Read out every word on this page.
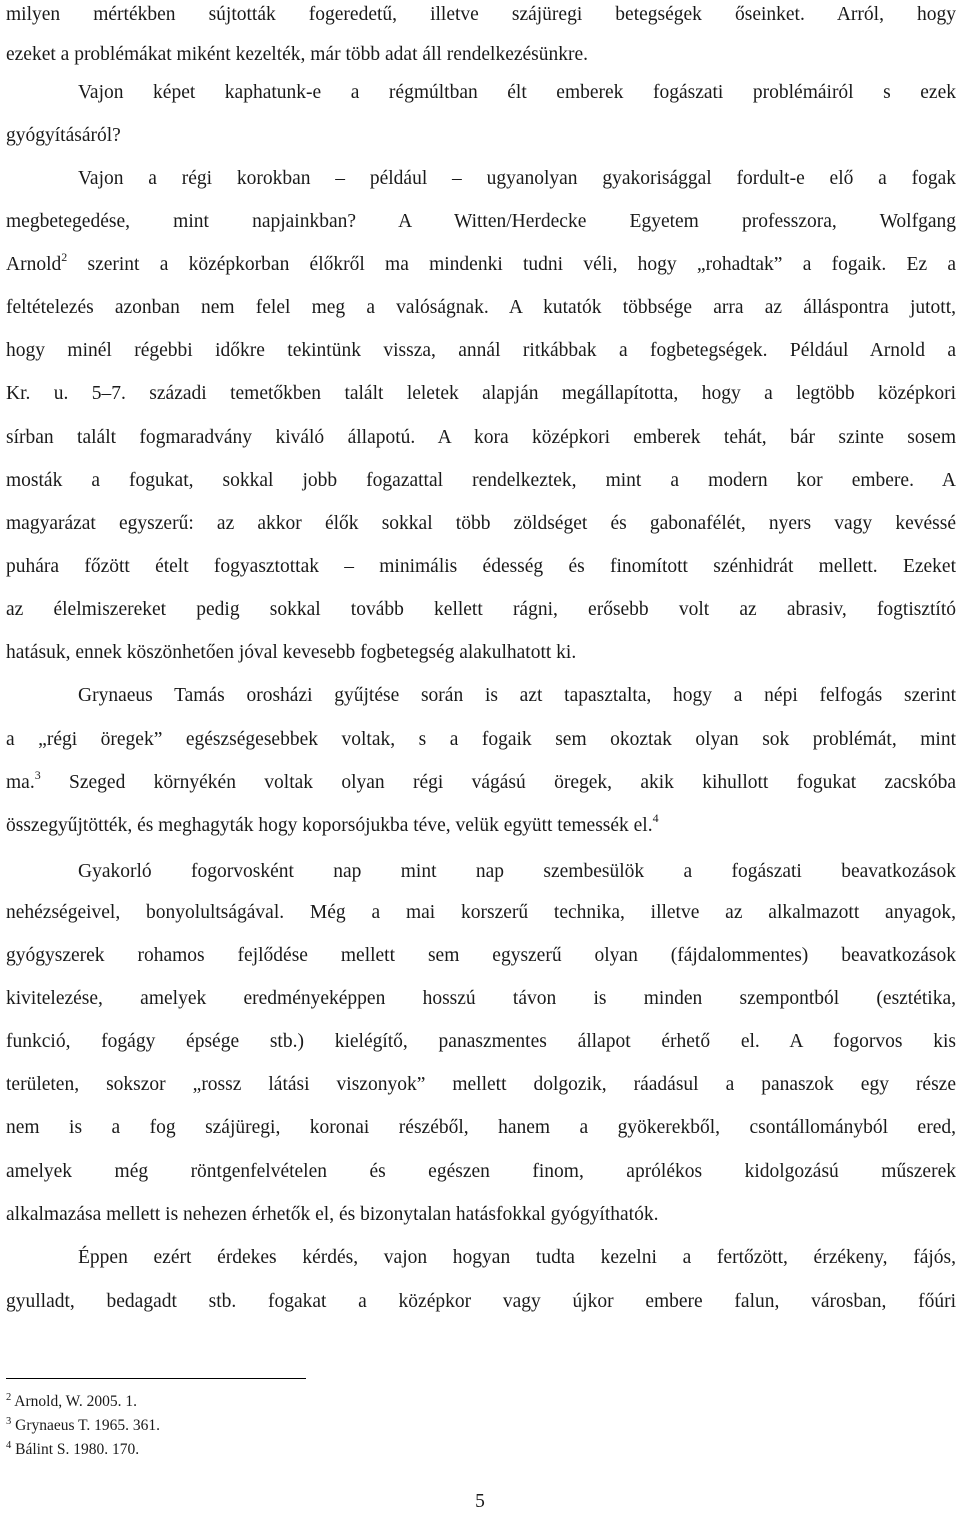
milyen mértékben sújtották fogeredetű, illetve szájüregi betegségek őseinket. Arról, hogy
ezeket a problémákat miként kezelték, már több adat áll rendelkezésünkre.
Vajon képet kaphatunk-e a régmúltban élt emberek fogászati problémáiról s ezek
gyógyításáról?
Vajon a régi korokban – például – ugyanolyan gyakorisággal fordult-e elő a fogak
megbetegedése, mint napjainkban? A Witten/Herdecke Egyetem professzora, Wolfgang
Arnold$^2$ szerint a középkorban élőkről ma mindenki tudni véli, hogy „rohadtak” a fogaik. Ez a
feltételezés azonban nem felel meg a valóságnak. A kutatók többsége arra az álláspontra jutott,
hogy minél régebbi időkre tekintünk vissza, annál ritkábbak a fogbetegségek. Például Arnold a
Kr. u. 5–7. századi temetőkben talált leletek alapján megállapította, hogy a legtöbb középkori
sírban talált fogmaradvány kiváló állapotú. A kora középkori emberek tehát, bár szinte sosem
mosták a fogukat, sokkal jobb fogazattal rendelkeztek, mint a modern kor embere. A
magyarázat egyszerű: az akkor élők sokkal több zöldséget és gabonafélét, nyers vagy kevéssé
puhára főzött ételt fogyasztottak – minimális édesség és finomított szénhidrát mellett. Ezeket
az élelmiszereket pedig sokkal tovább kellett rágni, erősebb volt az abrasiv, fogtisztító
hatásuk, ennek köszönhetően jóval kevesebb fogbetegség alakulhatott ki.
Grynaeus Tamás orosházi gyűjtése során is azt tapasztalta, hogy a népi felfogás szerint
a „régi öregek” egészségesebbek voltak, s a fogaik sem okoztak olyan sok problémát, mint
ma.$^3$ Szeged környékén voltak olyan régi vágású öregek, akik kihullott fogukat zacskóba
összegyűjtötték, és meghagyták hogy koporsójukba téve, velük együtt temessék el.$^4$
Gyakorló fogorvosként nap mint nap szembesülök a fogászati beavatkozások
nehézségeivel, bonyolultságával. Még a mai korszerű technika, illetve az alkalmazott anyagok,
gyógyszerek rohamos fejlődése mellett sem egyszerű olyan (fájdalommentes) beavatkozások
kivitelezése, amelyek eredményeképpen hosszú távon is minden szempontból (esztétika,
funkció, fogágy épsége stb.) kielégítő, panaszmentes állapot érhető el. A fogorvos kis
területen, sokszor „rossz látási viszonyok” mellett dolgozik, ráadásul a panaszok egy része
nem is a fog szájüregi, koronai részéből, hanem a gyökerekből, csontállományból ered,
amelyek még röntgenfelvételen és egészen finom, aprólékos kidolgozású műszerek
alkalmazása mellett is nehezen érhetők el, és bizonytalan hatásfokkal gyógyíthatók.
Éppen ezért érdekes kérdés, vajon hogyan tudta kezelni a fertőzött, érzékeny, fájós,
gyulladt, bedagadt stb. fogakat a középkor vagy újkor embere falun, városban, főúri
$^2$ Arnold, W. 2005. 1.
$^3$ Grynaeus T. 1965. 361.
$^4$ Bálint S. 1980. 170.
5
